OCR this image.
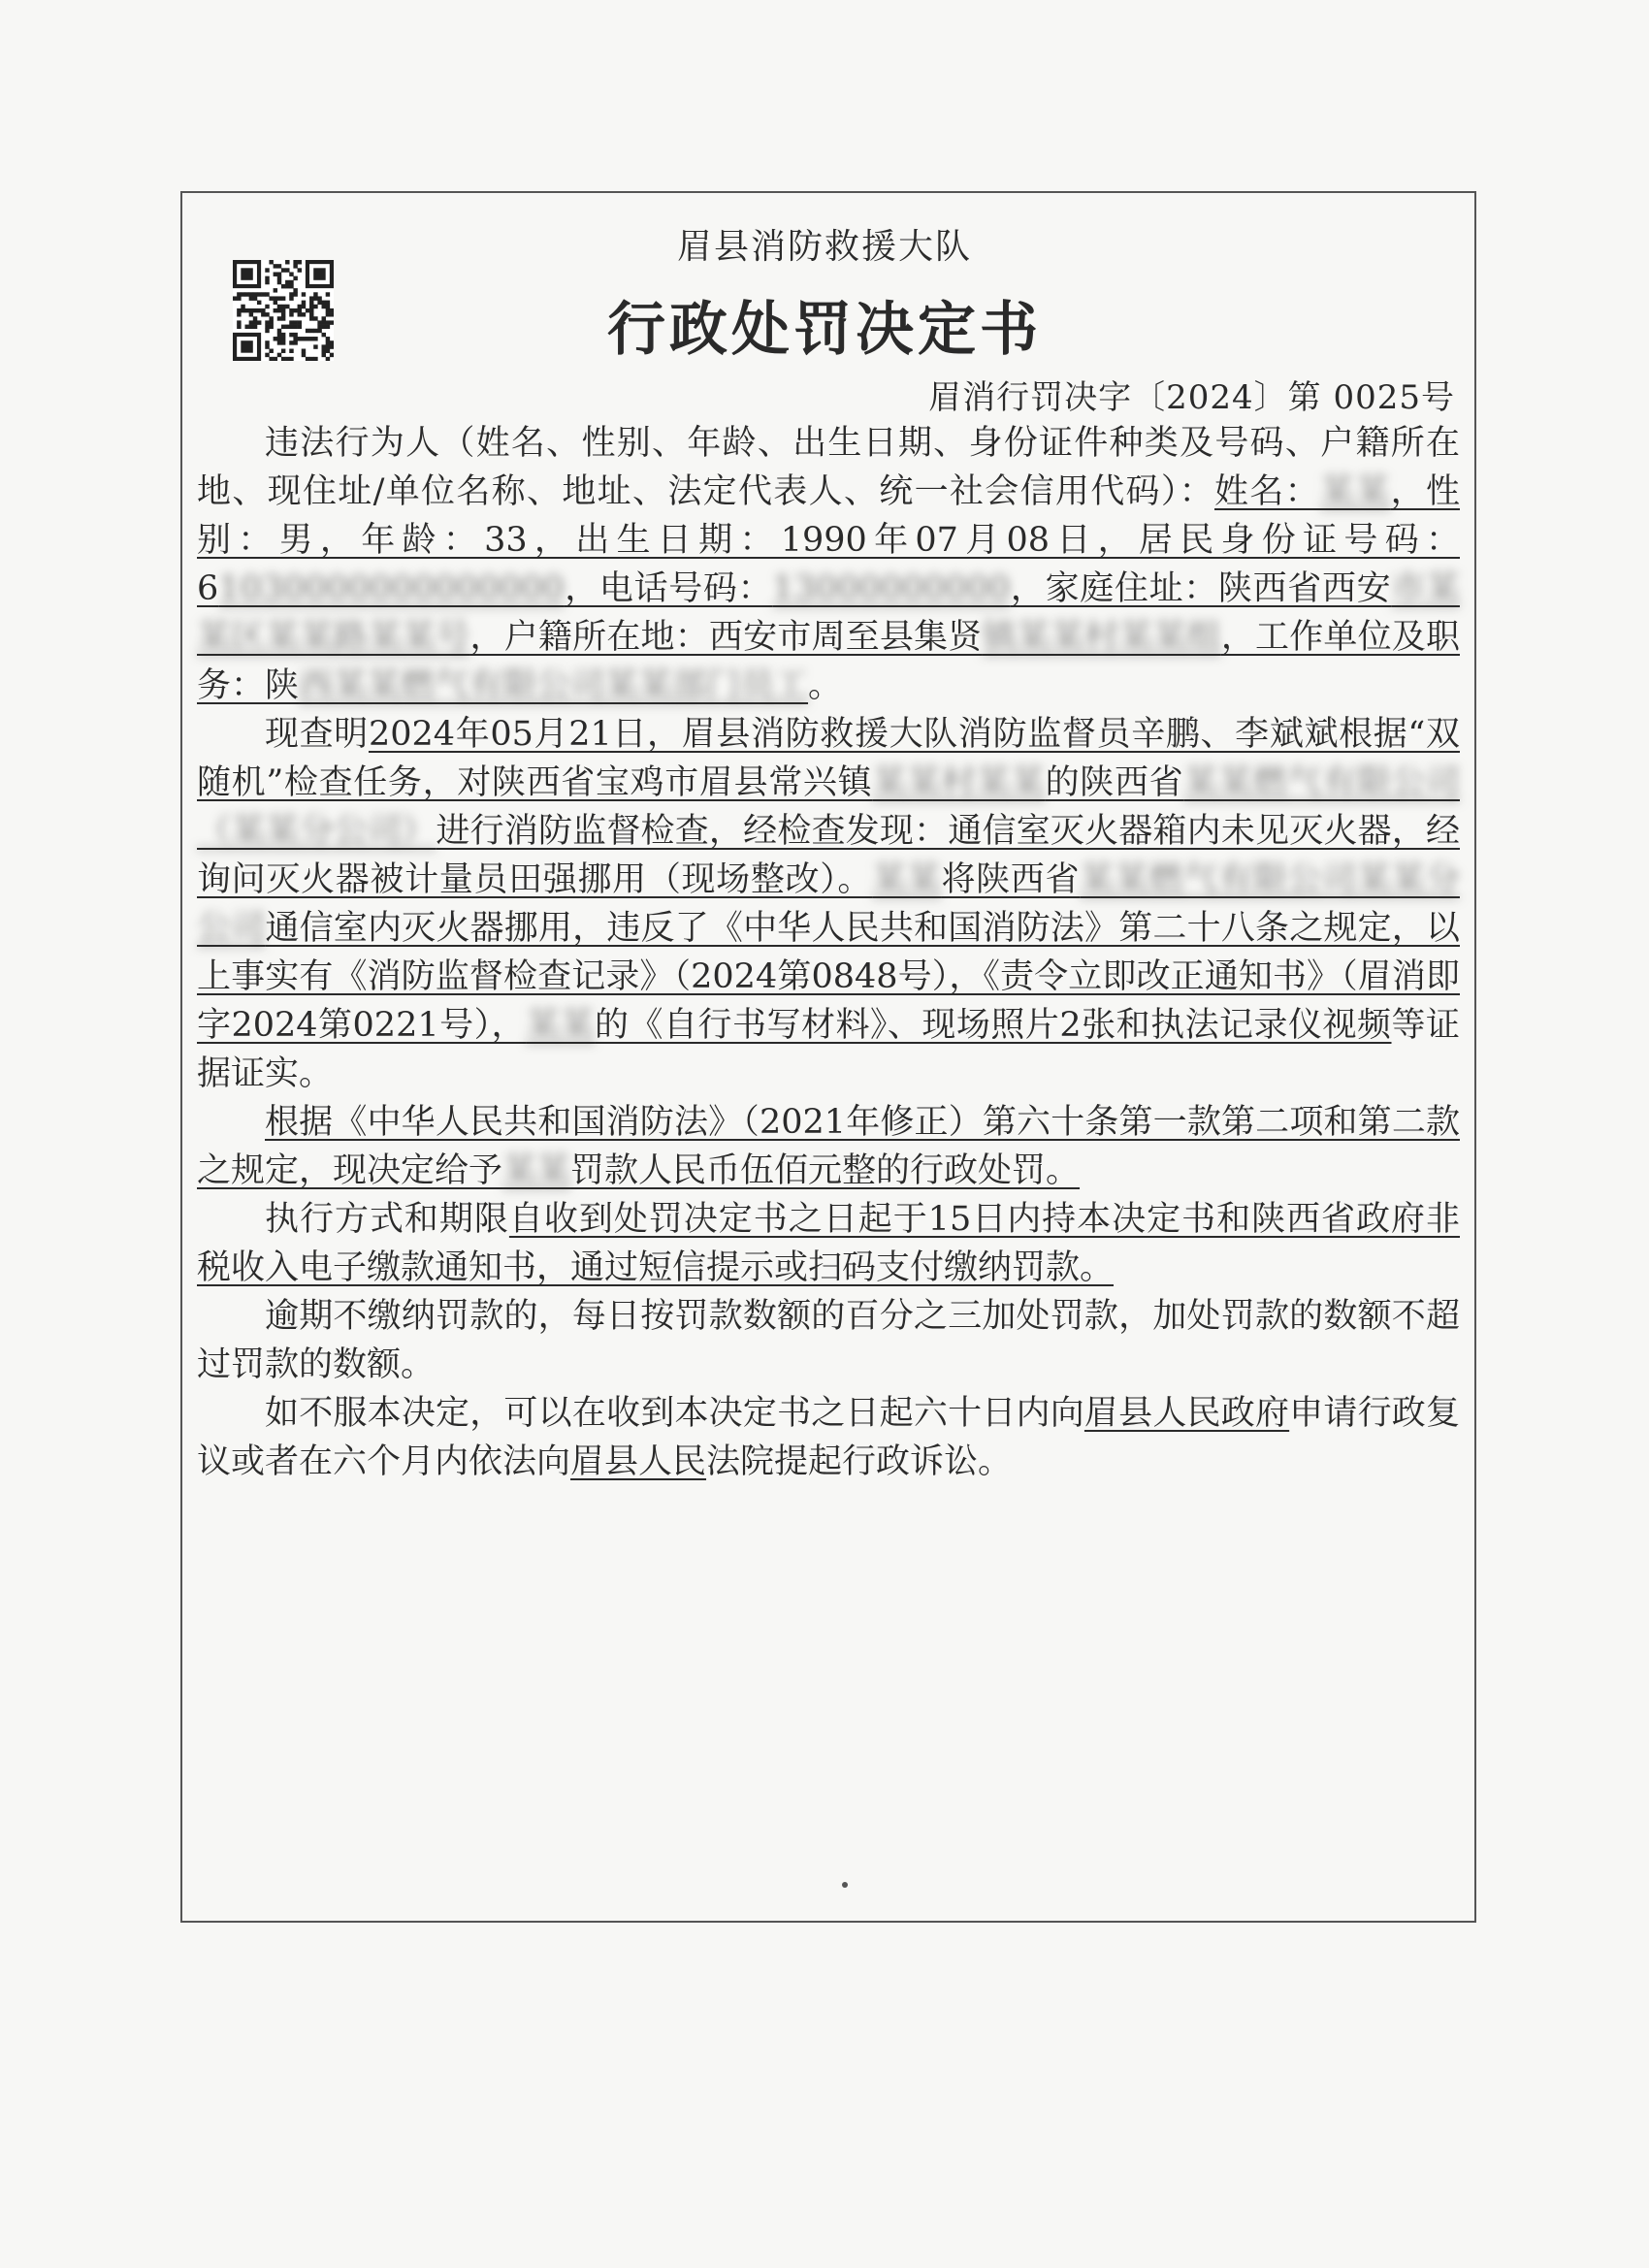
眉县消防救援大队
行政处罚决定书
眉消行罚决字〔2024〕第 0025号

违法行为人（姓名、性别、年龄、出生日期、身份证件种类及号码、户籍所在地、现住址/单位名称、地址、法定代表人、统一社会信用代码）：姓名：某某，性别：男，年龄：33，出生日期：1990年07月08日，居民身份证号码：61030000000000000，电话号码：13000000000，家庭住址：陕西省西安市某某区某某路某某号，户籍所在地：西安市周至县集贤镇某某村某某组，工作单位及职务：陕西某某燃气有限公司某某部门员工。

现查明2024年05月21日，眉县消防救援大队消防监督员辛鹏、李斌斌根据“双随机”检查任务，对陕西省宝鸡市眉县常兴镇某某村某某的陕西省某某燃气有限公司（某某分公司）进行消防监督检查，经检查发现：通信室灭火器箱内未见灭火器，经询问灭火器被计量员田强挪用（现场整改）。某某将陕西省某某燃气有限公司某某分公司通信室内灭火器挪用，违反了《中华人民共和国消防法》第二十八条之规定，以上事实有《消防监督检查记录》（2024第0848号），《责令立即改正通知书》（眉消即字2024第0221号），某某的《自行书写材料》、现场照片2张和执法记录仪视频等证据证实。

根据《中华人民共和国消防法》（2021年修正）第六十条第一款第二项和第二款之规定，现决定给予某某罚款人民币伍佰元整的行政处罚。

执行方式和期限自收到处罚决定书之日起于15日内持本决定书和陕西省政府非税收入电子缴款通知书，通过短信提示或扫码支付缴纳罚款。

逾期不缴纳罚款的，每日按罚款数额的百分之三加处罚款，加处罚款的数额不超过罚款的数额。

如不服本决定，可以在收到本决定书之日起六十日内向眉县人民政府申请行政复议或者在六个月内依法向眉县人民法院提起行政诉讼。
